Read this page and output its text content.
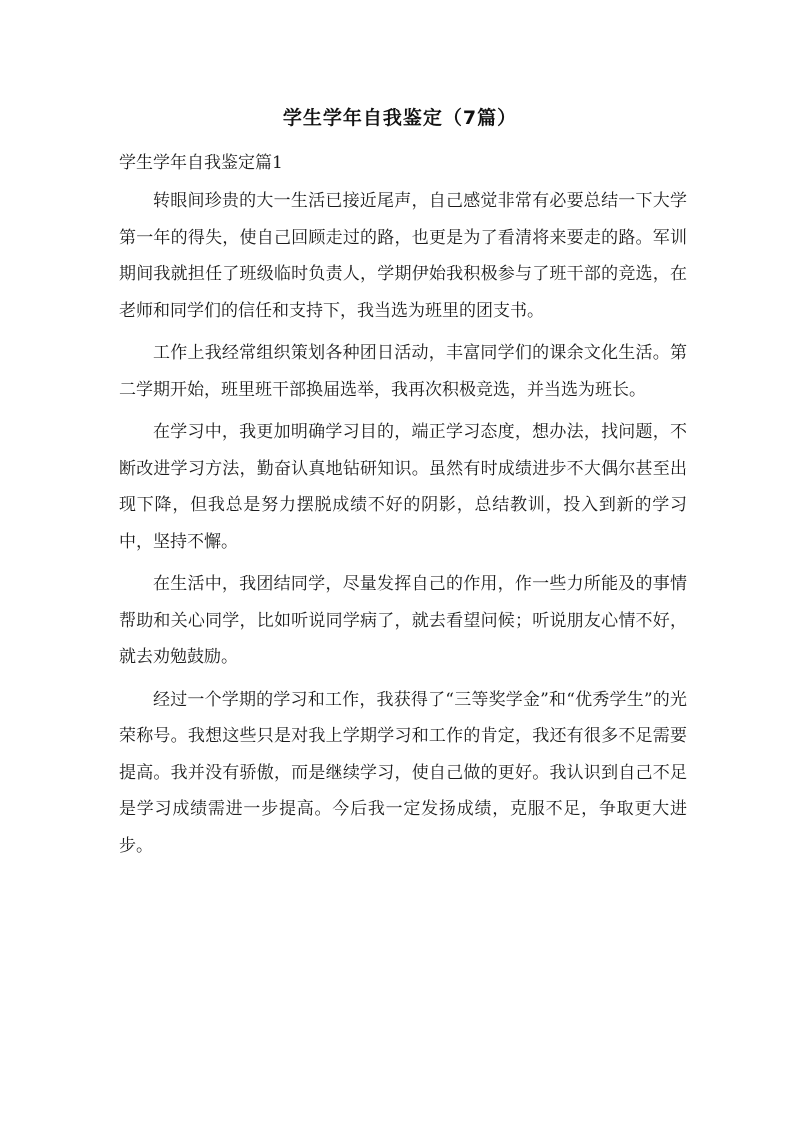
学生学年自我鉴定（7篇）
学生学年自我鉴定篇1

转眼间珍贵的大一生活已接近尾声，自己感觉非常有必要总结一下大学第一年的得失，使自己回顾走过的路，也更是为了看清将来要走的路。军训期间我就担任了班级临时负责人，学期伊始我积极参与了班干部的竞选，在老师和同学们的信任和支持下，我当选为班里的团支书。

工作上我经常组织策划各种团日活动，丰富同学们的课余文化生活。第二学期开始，班里班干部换届选举，我再次积极竞选，并当选为班长。

在学习中，我更加明确学习目的，端正学习态度，想办法，找问题，不断改进学习方法，勤奋认真地钻研知识。虽然有时成绩进步不大偶尔甚至出现下降，但我总是努力摆脱成绩不好的阴影，总结教训，投入到新的学习中，坚持不懈。

在生活中，我团结同学，尽量发挥自己的作用，作一些力所能及的事情帮助和关心同学，比如听说同学病了，就去看望问候；听说朋友心情不好，就去劝勉鼓励。

经过一个学期的学习和工作，我获得了“三等奖学金”和“优秀学生”的光荣称号。我想这些只是对我上学期学习和工作的肯定，我还有很多不足需要提高。我并没有骄傲，而是继续学习，使自己做的更好。我认识到自己不足是学习成绩需进一步提高。今后我一定发扬成绩，克服不足，争取更大进步。
